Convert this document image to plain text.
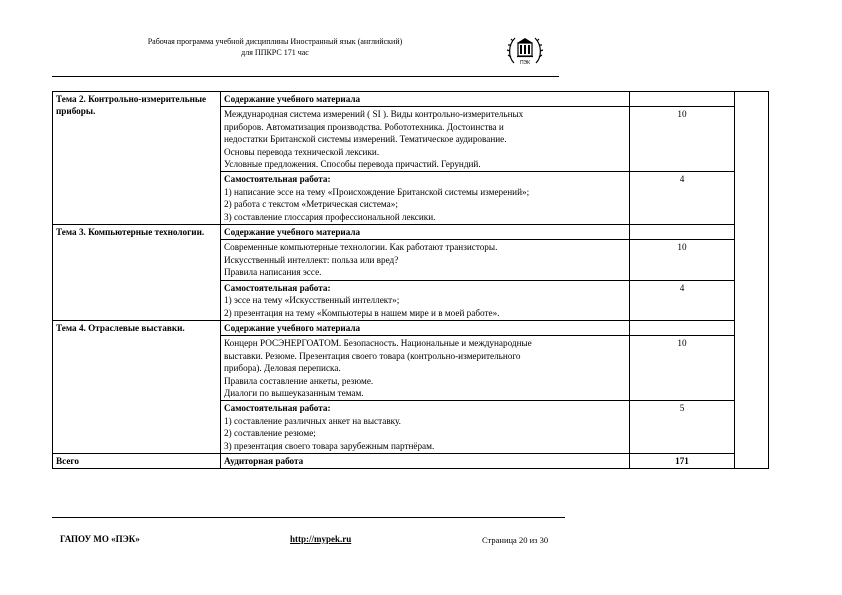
Рабочая программа учебной дисциплины Иностранный язык (английский)
для ППКРС 171 час
ПЭК
Тема 2. Контрольно-измерительные приборы.	Содержание учебного материала		

	Международная система измерений ( SI ). Виды контрольно-измерительных
приборов. Автоматизация производства. Робототехника. Достоинства и
недостатки Британской системы измерений. Тематическое аудирование.
Основы перевода технической лексики.
Условные предложения. Способы перевода причастий. Герундий.	10	

	Самостоятельная работа:
1) написание эссе на тему «Происхождение Британской системы измерений»;
2) работа с текстом «Метрическая система»;
3) составление глоссария профессиональной лексики.	4	
Тема 3. Компьютерные технологии.	Содержание учебного материала		

	Современные компьютерные технологии. Как работают транзисторы.
Искусственный интеллект: польза или вред?
Правила написания эссе.	10	

	Самостоятельная работа:
1) эссе на тему «Искусственный интеллект»;
2) презентация на тему «Компьютеры в нашем мире и в моей работе».	4	
Тема 4. Отраслевые выставки.	Содержание учебного материала		

	Концерн РОСЭНЕРГОАТОМ. Безопасность. Национальные и международные
выставки. Резюме. Презентация своего товара (контрольно-измерительного
прибора). Деловая переписка.
Правила составление анкеты, резюме.
Диалоги по вышеуказанным темам.	10	

	Самостоятельная работа:
1) составление различных анкет на выставку.
2) составление резюме;
3) презентация своего товара зарубежным партнёрам.	5	
Всего	Аудиторная работа	171	
ГАПОУ МО «ПЭК»	http://mypek.ru	Страница 20 из 30
